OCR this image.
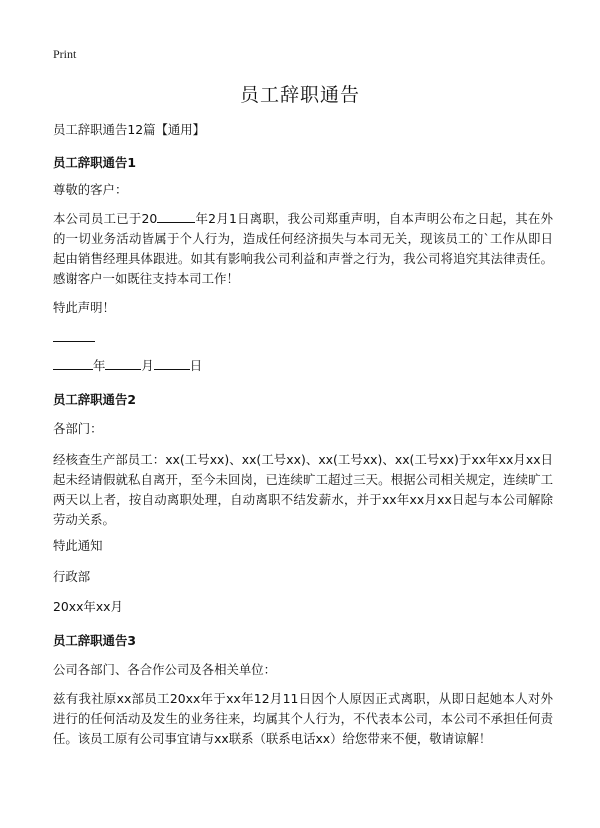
Print
员工辞职通告

员工辞职通告12篇【通用】

员工辞职通告1

尊敬的客户：

本公司员工已于20	年2月1日离职，我公司郑重声明，自本声明公布之日起，其在外的一切业务活动皆属于个人行为，造成任何经济损失与本司无关，现该员工的`工作从即日起由销售经理具体跟进。如其有影响我公司利益和声誉之行为，我公司将追究其法律责任。感谢客户一如既往支持本司工作！

特此声明！

年	月	日

员工辞职通告2

各部门：

经核查生产部员工：xx(工号xx)、xx(工号xx)、xx(工号xx)、xx(工号xx)于xx年xx月xx日起未经请假就私自离开，至今未回岗，已连续旷工超过三天。根据公司相关规定，连续旷工两天以上者，按自动离职处理，自动离职不结发薪水，并于xx年xx月xx日起与本公司解除劳动关系。

特此通知

行政部

20xx年xx月

员工辞职通告3

公司各部门、各合作公司及各相关单位：

兹有我社原xx部员工20xx年于xx年12月11日因个人原因正式离职，从即日起她本人对外进行的任何活动及发生的业务往来，均属其个人行为，不代表本公司，本公司不承担任何责任。该员工原有公司事宜请与xx联系（联系电话xx）给您带来不便，敬请谅解！
